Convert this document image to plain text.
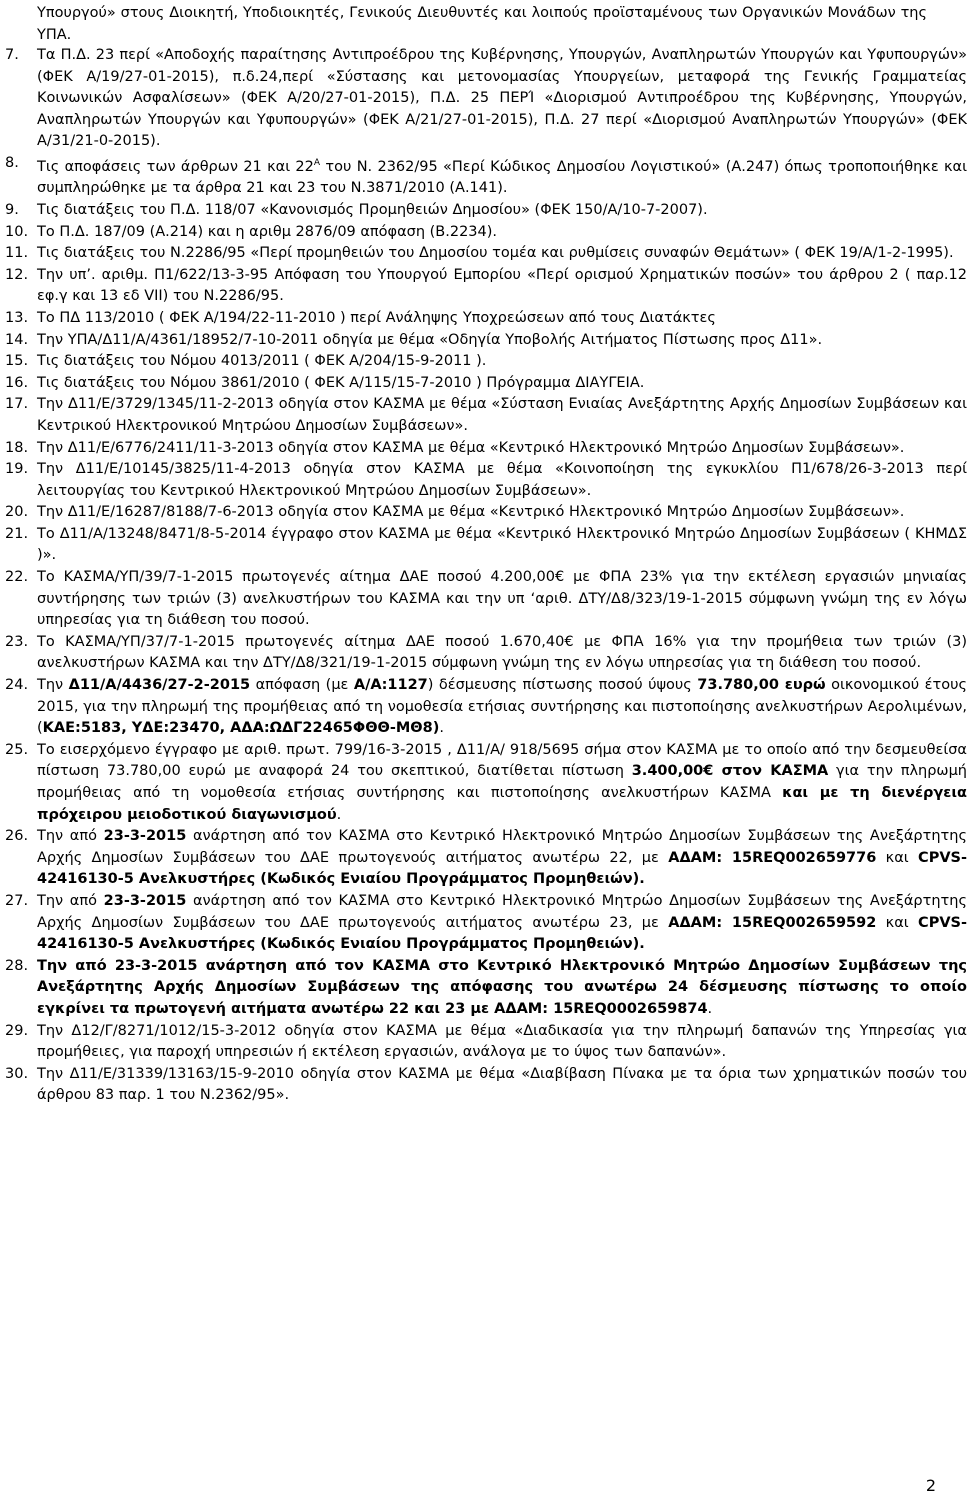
Υπουργού» στους Διοικητή, Υποδιοικητές, Γενικούς Διευθυντές και λοιπούς προϊσταμένους των Οργανικών Μονάδων της ΥΠΑ.
7.	Τα Π.Δ. 23 περί «Αποδοχής παραίτησης Αντιπροέδρου της Κυβέρνησης, Υπουργών, Αναπληρωτών Υπουργών και Υφυπουργών» (ΦΕΚ Α/19/27-01-2015), π.δ.24,περί «Σύστασης και μετονομασίας Υπουργείων, μεταφορά της Γενικής Γραμματείας Κοινωνικών Ασφαλίσεων» (ΦΕΚ Α/20/27-01-2015), Π.Δ. 25 ΠΕΡΊ «Διορισμού Αντιπροέδρου της Κυβέρνησης, Υπουργών, Αναπληρωτών Υπουργών και Υφυπουργών» (ΦΕΚ Α/21/27-01-2015), Π.Δ. 27 περί «Διορισμού Αναπληρωτών Υπουργών» (ΦΕΚ Α/31/21-0-2015).
8.	Τις αποφάσεις των άρθρων 21 και $22^A$ του Ν. 2362/95 «Περί Κώδικος Δημοσίου Λογιστικού» (Α.247) όπως τροποποιήθηκε και συμπληρώθηκε με τα άρθρα 21 και 23 του Ν.3871/2010 (Α.141).
9.	Τις διατάξεις του Π.Δ. 118/07 «Κανονισμός Προμηθειών Δημοσίου» (ΦΕΚ 150/Α/10-7-2007).
10. Το Π.Δ. 187/09 (Α.214) και η αριθμ 2876/09 απόφαση (Β.2234).
11. Τις διατάξεις του Ν.2286/95 «Περί προμηθειών του Δημοσίου τομέα και ρυθμίσεις συναφών Θεμάτων» ( ΦΕΚ 19/Α/1-2-1995).
12. Την υπ’. αριθμ. Π1/622/13-3-95 Απόφαση του Υπουργού Εμπορίου «Περί ορισμού Χρηματικών ποσών» του άρθρου 2 ( παρ.12 εφ.γ και 13 εδ VII) του Ν.2286/95.
13. Το ΠΔ 113/2010 ( ΦΕΚ Α/194/22-11-2010 ) περί Ανάληψης Υποχρεώσεων από τους Διατάκτες
14. Την ΥΠΑ/Δ11/Α/4361/18952/7-10-2011 οδηγία με θέμα «Οδηγία Υποβολής Αιτήματος Πίστωσης προς Δ11».
15. Τις διατάξεις του Νόμου 4013/2011 ( ΦΕΚ Α/204/15-9-2011 ).
16. Τις διατάξεις του Νόμου 3861/2010 ( ΦΕΚ Α/115/15-7-2010 ) Πρόγραμμα ΔΙΑΥΓΕΙΑ.
17. Την Δ11/Ε/3729/1345/11-2-2013 οδηγία στον ΚΑΣΜΑ με θέμα «Σύσταση Ενιαίας Ανεξάρτητης Αρχής Δημοσίων Συμβάσεων και Κεντρικού Ηλεκτρονικού Μητρώου Δημοσίων Συμβάσεων».
18. Την Δ11/Ε/6776/2411/11-3-2013 οδηγία στον ΚΑΣΜΑ με θέμα «Κεντρικό Ηλεκτρονικό Μητρώο Δημοσίων Συμβάσεων».
19. Την Δ11/Ε/10145/3825/11-4-2013 οδηγία στον ΚΑΣΜΑ με θέμα «Κοινοποίηση της εγκυκλίου Π1/678/26-3-2013 περί λειτουργίας του Κεντρικού Ηλεκτρονικού Μητρώου Δημοσίων Συμβάσεων».
20. Την Δ11/Ε/16287/8188/7-6-2013 οδηγία στον ΚΑΣΜΑ με θέμα «Κεντρικό Ηλεκτρονικό Μητρώο Δημοσίων Συμβάσεων».
21. Το Δ11/Α/13248/8471/8-5-2014 έγγραφο στον ΚΑΣΜΑ με θέμα «Κεντρικό Ηλεκτρονικό Μητρώο Δημοσίων Συμβάσεων ( ΚΗΜΔΣ )».
22. Το ΚΑΣΜΑ/ΥΠ/39/7-1-2015 πρωτογενές αίτημα ΔΑΕ ποσού 4.200,00€ με ΦΠΑ 23% για την εκτέλεση εργασιών μηνιαίας συντήρησης των τριών (3) ανελκυστήρων του ΚΑΣΜΑ και την υπ ‘αριθ. ΔΤΥ/Δ8/323/19-1-2015 σύμφωνη γνώμη της εν λόγω υπηρεσίας για τη διάθεση του ποσού.
23. Το ΚΑΣΜΑ/ΥΠ/37/7-1-2015 πρωτογενές αίτημα ΔΑΕ ποσού 1.670,40€ με ΦΠΑ 16% για την προμήθεια των τριών (3) ανελκυστήρων ΚΑΣΜΑ και την ΔΤΥ/Δ8/321/19-1-2015 σύμφωνη γνώμη της εν λόγω υπηρεσίας για τη διάθεση του ποσού.
24. Την Δ11/Α/4436/27-2-2015 απόφαση (με Α/Α:1127) δέσμευσης πίστωσης ποσού ύψους 73.780,00 ευρώ οικονομικού έτους 2015, για την πληρωμή της προμήθειας από τη νομοθεσία ετήσιας συντήρησης και πιστοποίησης ανελκυστήρων Αερολιμένων,(ΚΑΕ:5183, ΥΔΕ:23470, ΑΔΑ:ΩΔΓ22465ΦΘΘ-ΜΘ8).
25. Το εισερχόμενο έγγραφο με αριθ. πρωτ. 799/16-3-2015 , Δ11/Α/ 918/5695 σήμα στον ΚΑΣΜΑ με το οποίο από την δεσμευθείσα πίστωση 73.780,00 ευρώ με αναφορά 24 του σκεπτικού, διατίθεται πίστωση 3.400,00€ στον ΚΑΣΜΑ για την πληρωμή προμήθειας από τη νομοθεσία ετήσιας συντήρησης και πιστοποίησης ανελκυστήρων ΚΑΣΜΑ και με τη διενέργεια πρόχειρου μειοδοτικού διαγωνισμού.
26. Την από 23-3-2015 ανάρτηση από τον ΚΑΣΜΑ στο Κεντρικό Ηλεκτρονικό Μητρώο Δημοσίων Συμβάσεων της Ανεξάρτητης Αρχής Δημοσίων Συμβάσεων του ΔΑΕ πρωτογενούς αιτήματος ανωτέρω 22, με ΑΔΑΜ: 15REQ002659776 και CPVS-42416130-5 Ανελκυστήρες (Κωδικός Ενιαίου Προγράμματος Προμηθειών).
27. Την από 23-3-2015 ανάρτηση από τον ΚΑΣΜΑ στο Κεντρικό Ηλεκτρονικό Μητρώο Δημοσίων Συμβάσεων της Ανεξάρτητης Αρχής Δημοσίων Συμβάσεων του ΔΑΕ πρωτογενούς αιτήματος ανωτέρω 23, με ΑΔΑΜ: 15REQ002659592 και CPVS-42416130-5 Ανελκυστήρες (Κωδικός Ενιαίου Προγράμματος Προμηθειών).
28. Την από 23-3-2015 ανάρτηση από τον ΚΑΣΜΑ στο Κεντρικό Ηλεκτρονικό Μητρώο Δημοσίων Συμβάσεων της Ανεξάρτητης Αρχής Δημοσίων Συμβάσεων της απόφασης του ανωτέρω 24 δέσμευσης πίστωσης το οποίο εγκρίνει τα πρωτογενή αιτήματα ανωτέρω 22 και 23 με ΑΔΑΜ: 15REQ0002659874.
29. Την Δ12/Γ/8271/1012/15-3-2012 οδηγία στον ΚΑΣΜΑ με θέμα «Διαδικασία για την πληρωμή δαπανών της Υπηρεσίας για προμήθειες, για παροχή υπηρεσιών ή εκτέλεση εργασιών, ανάλογα με το ύψος των δαπανών».
30. Την Δ11/Ε/31339/13163/15-9-2010 οδηγία στον ΚΑΣΜΑ με θέμα «Διαβίβαση Πίνακα με τα όρια των χρηματικών ποσών του άρθρου 83 παρ. 1 του Ν.2362/95».
2
